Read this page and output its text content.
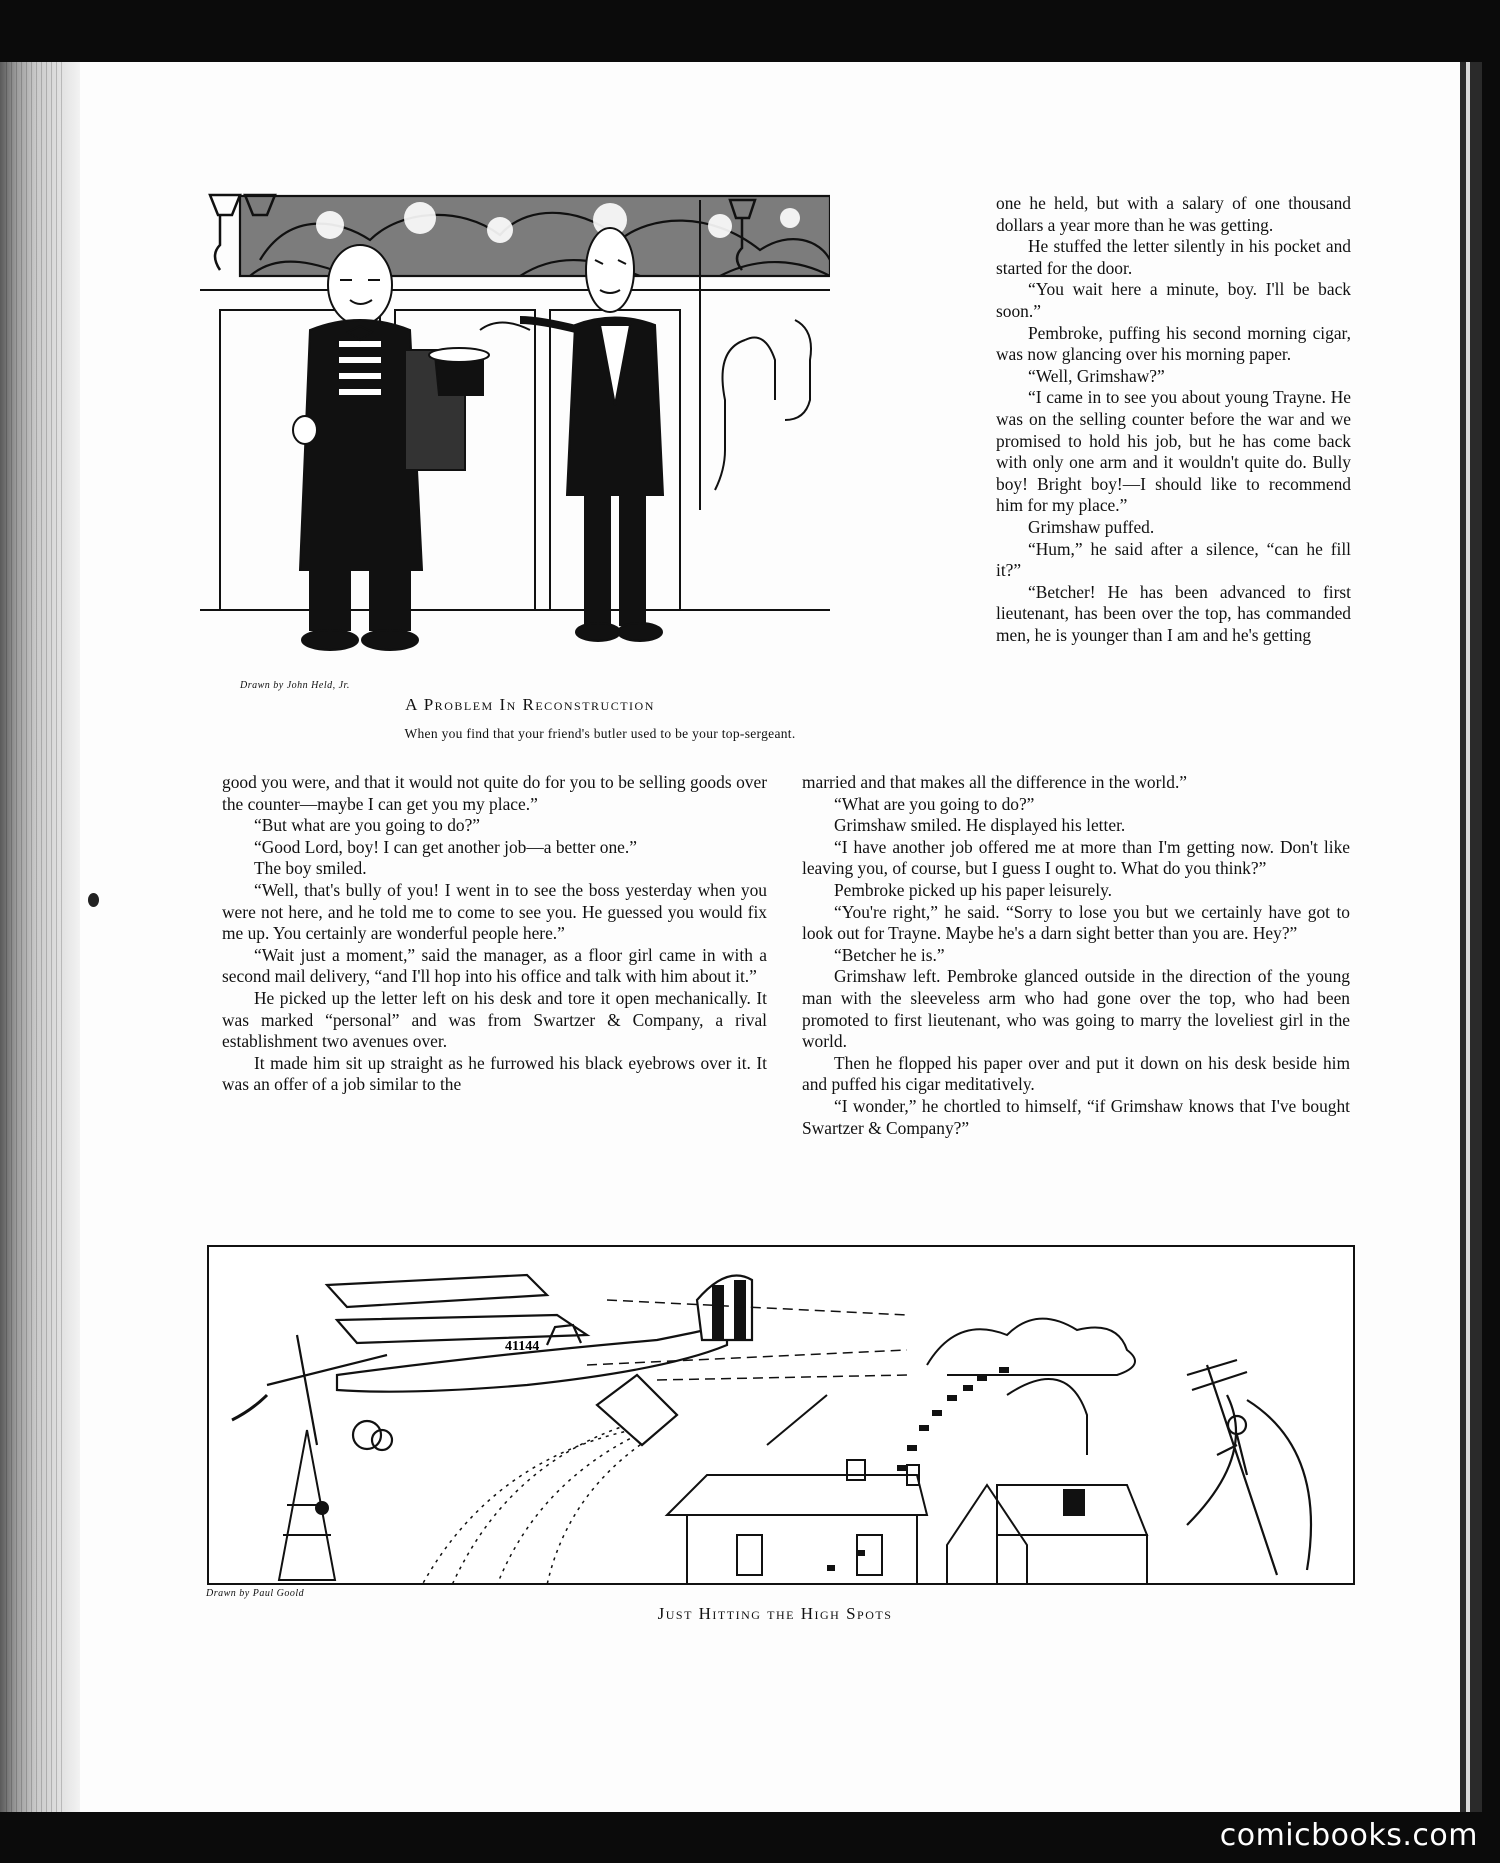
Drawn by John Held, Jr.
A Problem In Reconstruction
When you find that your friend's butler used to be your top-sergeant.

one he held, but with a salary of one thousand dollars a year more than he was getting.

He stuffed the letter silently in his pocket and started for the door.

“You wait here a minute, boy. I'll be back soon.”

Pembroke, puffing his second morning cigar, was now glancing over his morning paper.

“Well, Grimshaw?”

“I came in to see you about young Trayne. He was on the selling counter before the war and we promised to hold his job, but he has come back with only one arm and it wouldn't quite do. Bully boy! Bright boy!—I should like to recommend him for my place.”

Grimshaw puffed.

“Hum,” he said after a silence, “can he fill it?”

“Betcher! He has been advanced to first lieutenant, has been over the top, has commanded men, he is younger than I am and he's getting

good you were, and that it would not quite do for you to be selling goods over the counter—maybe I can get you my place.”

“But what are you going to do?”

“Good Lord, boy! I can get another job—a better one.”

The boy smiled.

“Well, that's bully of you! I went in to see the boss yesterday when you were not here, and he told me to come to see you. He guessed you would fix me up. You certainly are wonderful people here.”

“Wait just a moment,” said the manager, as a floor girl came in with a second mail delivery, “and I'll hop into his office and talk with him about it.”

He picked up the letter left on his desk and tore it open mechanically. It was marked “personal” and was from Swartzer & Company, a rival establishment two avenues over.

It made him sit up straight as he furrowed his black eyebrows over it. It was an offer of a job similar to the

married and that makes all the difference in the world.”

“What are you going to do?”

Grimshaw smiled. He displayed his letter.

“I have another job offered me at more than I'm getting now. Don't like leaving you, of course, but I guess I ought to. What do you think?”

Pembroke picked up his paper leisurely.

“You're right,” he said. “Sorry to lose you but we certainly have got to look out for Trayne. Maybe he's a darn sight better than you are. Hey?”

“Betcher he is.”

Grimshaw left. Pembroke glanced outside in the direction of the young man with the sleeveless arm who had gone over the top, who had been promoted to first lieutenant, who was going to marry the loveliest girl in the world.

Then he flopped his paper over and put it down on his desk beside him and puffed his cigar meditatively.

“I wonder,” he chortled to himself, “if Grimshaw knows that I've bought Swartzer & Company?”

41144
Drawn by Paul Goold
Just Hitting the High Spots
comicbooks.com
